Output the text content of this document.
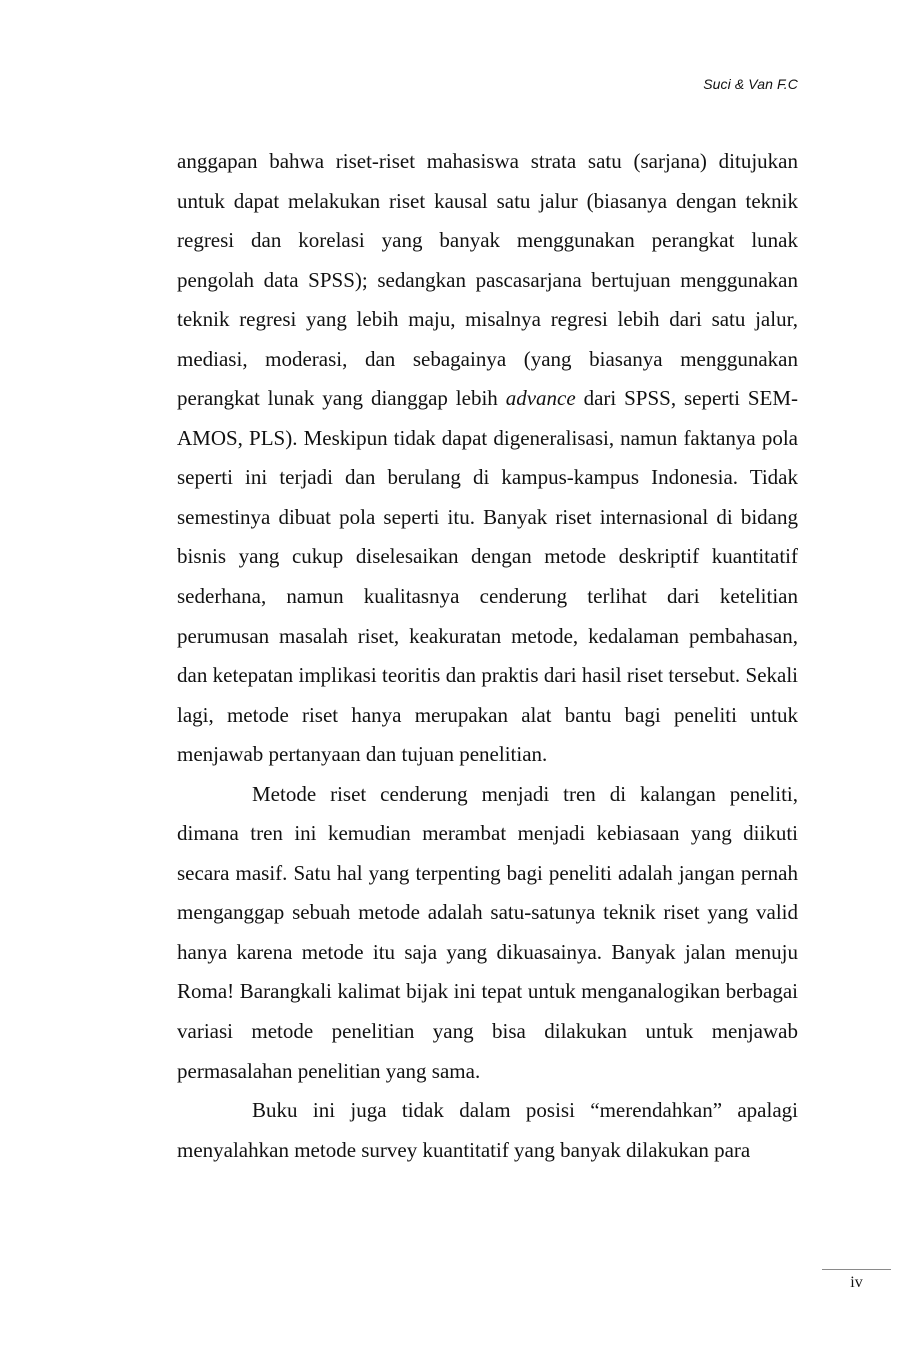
Suci & Van F.C

anggapan bahwa riset-riset mahasiswa strata satu (sarjana) ditujukan untuk dapat melakukan riset kausal satu jalur (biasanya dengan teknik regresi dan korelasi yang banyak menggunakan perangkat lunak pengolah data SPSS); sedangkan pascasarjana bertujuan menggunakan teknik regresi yang lebih maju, misalnya regresi lebih dari satu jalur, mediasi, moderasi, dan sebagainya (yang biasanya menggunakan perangkat lunak yang dianggap lebih advance dari SPSS, seperti SEM-AMOS, PLS). Meskipun tidak dapat digeneralisasi, namun faktanya pola seperti ini terjadi dan berulang di kampus-kampus Indonesia. Tidak semestinya dibuat pola seperti itu. Banyak riset internasional di bidang bisnis yang cukup diselesaikan dengan metode deskriptif kuantitatif sederhana, namun kualitasnya cenderung terlihat dari ketelitian perumusan masalah riset, keakuratan metode, kedalaman pembahasan, dan ketepatan implikasi teoritis dan praktis dari hasil riset tersebut. Sekali lagi, metode riset hanya merupakan alat bantu bagi peneliti untuk menjawab pertanyaan dan tujuan penelitian.

Metode riset cenderung menjadi tren di kalangan peneliti, dimana tren ini kemudian merambat menjadi kebiasaan yang diikuti secara masif. Satu hal yang terpenting bagi peneliti adalah jangan pernah menganggap sebuah metode adalah satu-satunya teknik riset yang valid hanya karena metode itu saja yang dikuasainya. Banyak jalan menuju Roma! Barangkali kalimat bijak ini tepat untuk menganalogikan berbagai variasi metode penelitian yang bisa dilakukan untuk menjawab permasalahan penelitian yang sama.

Buku ini juga tidak dalam posisi “merendahkan” apalagi menyalahkan metode survey kuantitatif yang banyak dilakukan para

iv
